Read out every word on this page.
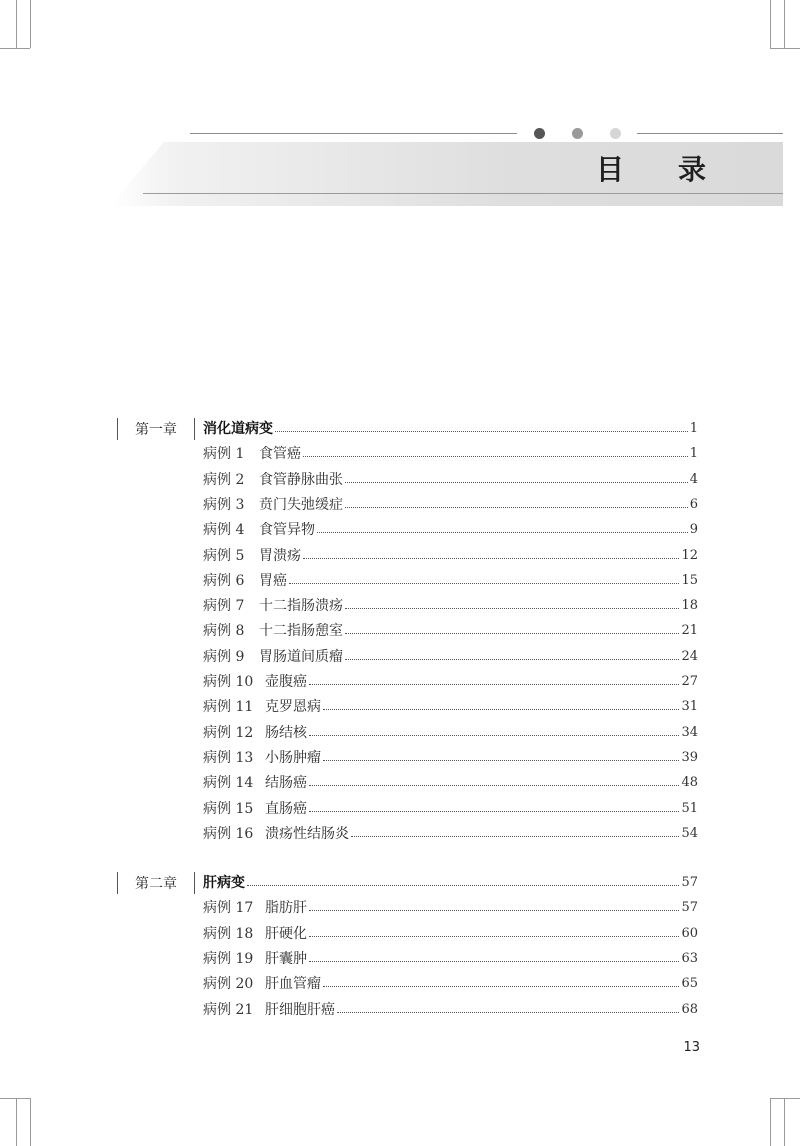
目 录
第一章	消化道病变	1
病例 1	食管癌	1
病例 2	食管静脉曲张	4
病例 3	贲门失弛缓症	6
病例 4	食管异物	9
病例 5	胃溃疡	12
病例 6	胃癌	15
病例 7	十二指肠溃疡	18
病例 8	十二指肠憩室	21
病例 9	胃肠道间质瘤	24
病例 10 壶腹癌	27
病例 11 克罗恩病	31
病例 12 肠结核	34
病例 13 小肠肿瘤	39
病例 14 结肠癌	48
病例 15 直肠癌	51
病例 16 溃疡性结肠炎	54
第二章	肝病变	57
病例 17 脂肪肝	57
病例 18 肝硬化	60
病例 19 肝囊肿	63
病例 20 肝血管瘤	65
病例 21 肝细胞肝癌	68
13
